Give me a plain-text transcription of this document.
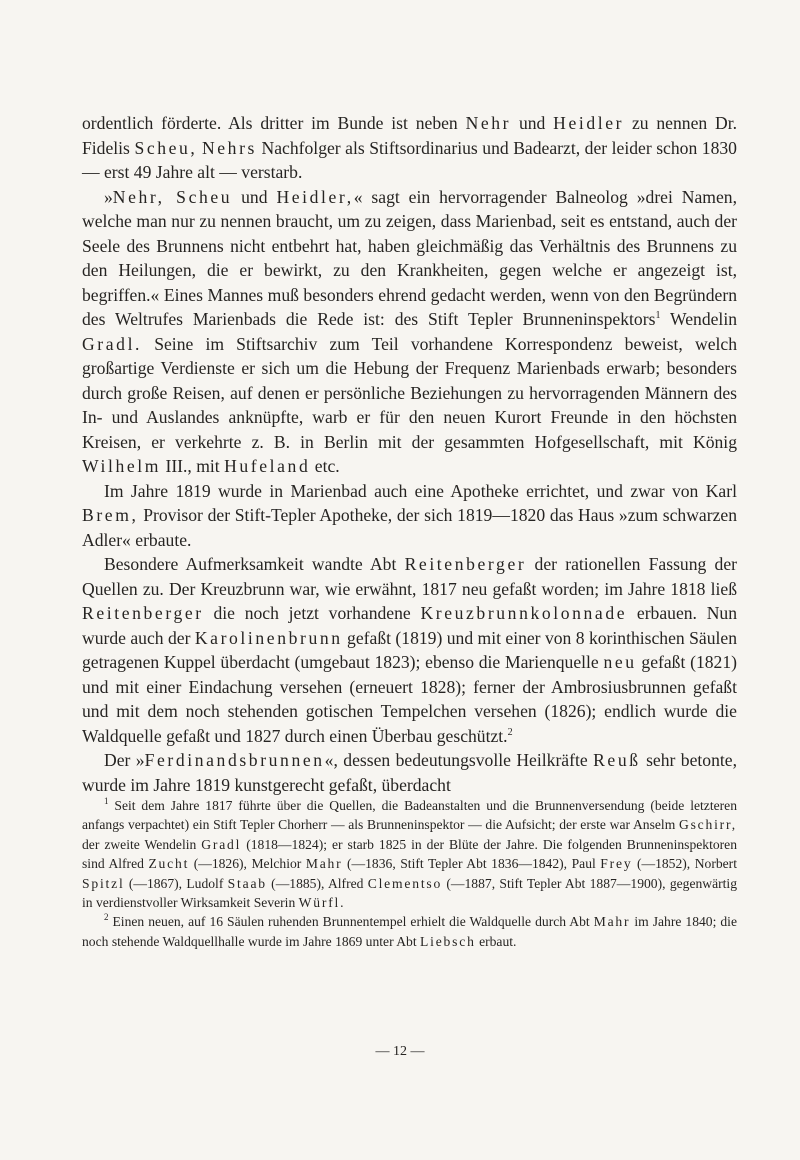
ordentlich förderte. Als dritter im Bunde ist neben Nehr und Heidler zu nennen Dr. Fidelis Scheu, Nehrs Nachfolger als Stiftsordinarius und Badearzt, der leider schon 1830 — erst 49 Jahre alt — verstarb.

»Nehr, Scheu und Heidler,« sagt ein hervorragender Balneolog »drei Namen, welche man nur zu nennen braucht, um zu zeigen, dass Marienbad, seit es entstand, auch der Seele des Brunnens nicht entbehrt hat, haben gleichmäßig das Verhältnis des Brunnens zu den Heilungen, die er bewirkt, zu den Krankheiten, gegen welche er angezeigt ist, begriffen.« Eines Mannes muß besonders ehrend gedacht werden, wenn von den Begründern des Weltrufes Marienbads die Rede ist: des Stift Tepler Brunneninspektors$^1$ Wendelin Gradl. Seine im Stiftsarchiv zum Teil vorhandene Korrespondenz beweist, welch großartige Verdienste er sich um die Hebung der Frequenz Marienbads erwarb; besonders durch große Reisen, auf denen er persönliche Beziehungen zu hervorragenden Männern des In- und Auslandes anknüpfte, warb er für den neuen Kurort Freunde in den höchsten Kreisen, er verkehrte z. B. in Berlin mit der gesammten Hofgesellschaft, mit König Wilhelm III., mit Hufeland etc.

Im Jahre 1819 wurde in Marienbad auch eine Apotheke errichtet, und zwar von Karl Brem, Provisor der Stift-Tepler Apotheke, der sich 1819—1820 das Haus »zum schwarzen Adler« erbaute.

Besondere Aufmerksamkeit wandte Abt Reitenberger der rationellen Fassung der Quellen zu. Der Kreuzbrunn war, wie erwähnt, 1817 neu gefaßt worden; im Jahre 1818 ließ Reitenberger die noch jetzt vorhandene Kreuzbrunnkolonnade erbauen. Nun wurde auch der Karolinenbrunn gefaßt (1819) und mit einer von 8 korinthischen Säulen getragenen Kuppel überdacht (umgebaut 1823); ebenso die Marienquelle neu gefaßt (1821) und mit einer Eindachung versehen (erneuert 1828); ferner der Ambrosiusbrunnen gefaßt und mit dem noch stehenden gotischen Tempelchen versehen (1826); endlich wurde die Waldquelle gefaßt und 1827 durch einen Überbau geschützt.$^2$

Der »Ferdinandsbrunnen«, dessen bedeutungsvolle Heilkräfte Reuß sehr betonte, wurde im Jahre 1819 kunstgerecht gefaßt, überdacht

$^1$ Seit dem Jahre 1817 führte über die Quellen, die Badeanstalten und die Brunnenversendung (beide letzteren anfangs verpachtet) ein Stift Tepler Chorherr — als Brunneninspektor — die Aufsicht; der erste war Anselm Gschirr, der zweite Wendelin Gradl (1818—1824); er starb 1825 in der Blüte der Jahre. Die folgenden Brunneninspektoren sind Alfred Zucht (—1826), Melchior Mahr (—1836, Stift Tepler Abt 1836—1842), Paul Frey (—1852), Norbert Spitzl (—1867), Ludolf Staab (—1885), Alfred Clementso (—1887, Stift Tepler Abt 1887—1900), gegenwärtig in verdienstvoller Wirksamkeit Severin Würfl.

$^2$ Einen neuen, auf 16 Säulen ruhenden Brunnentempel erhielt die Waldquelle durch Abt Mahr im Jahre 1840; die noch stehende Waldquellhalle wurde im Jahre 1869 unter Abt Liebsch erbaut.

— 12 —
